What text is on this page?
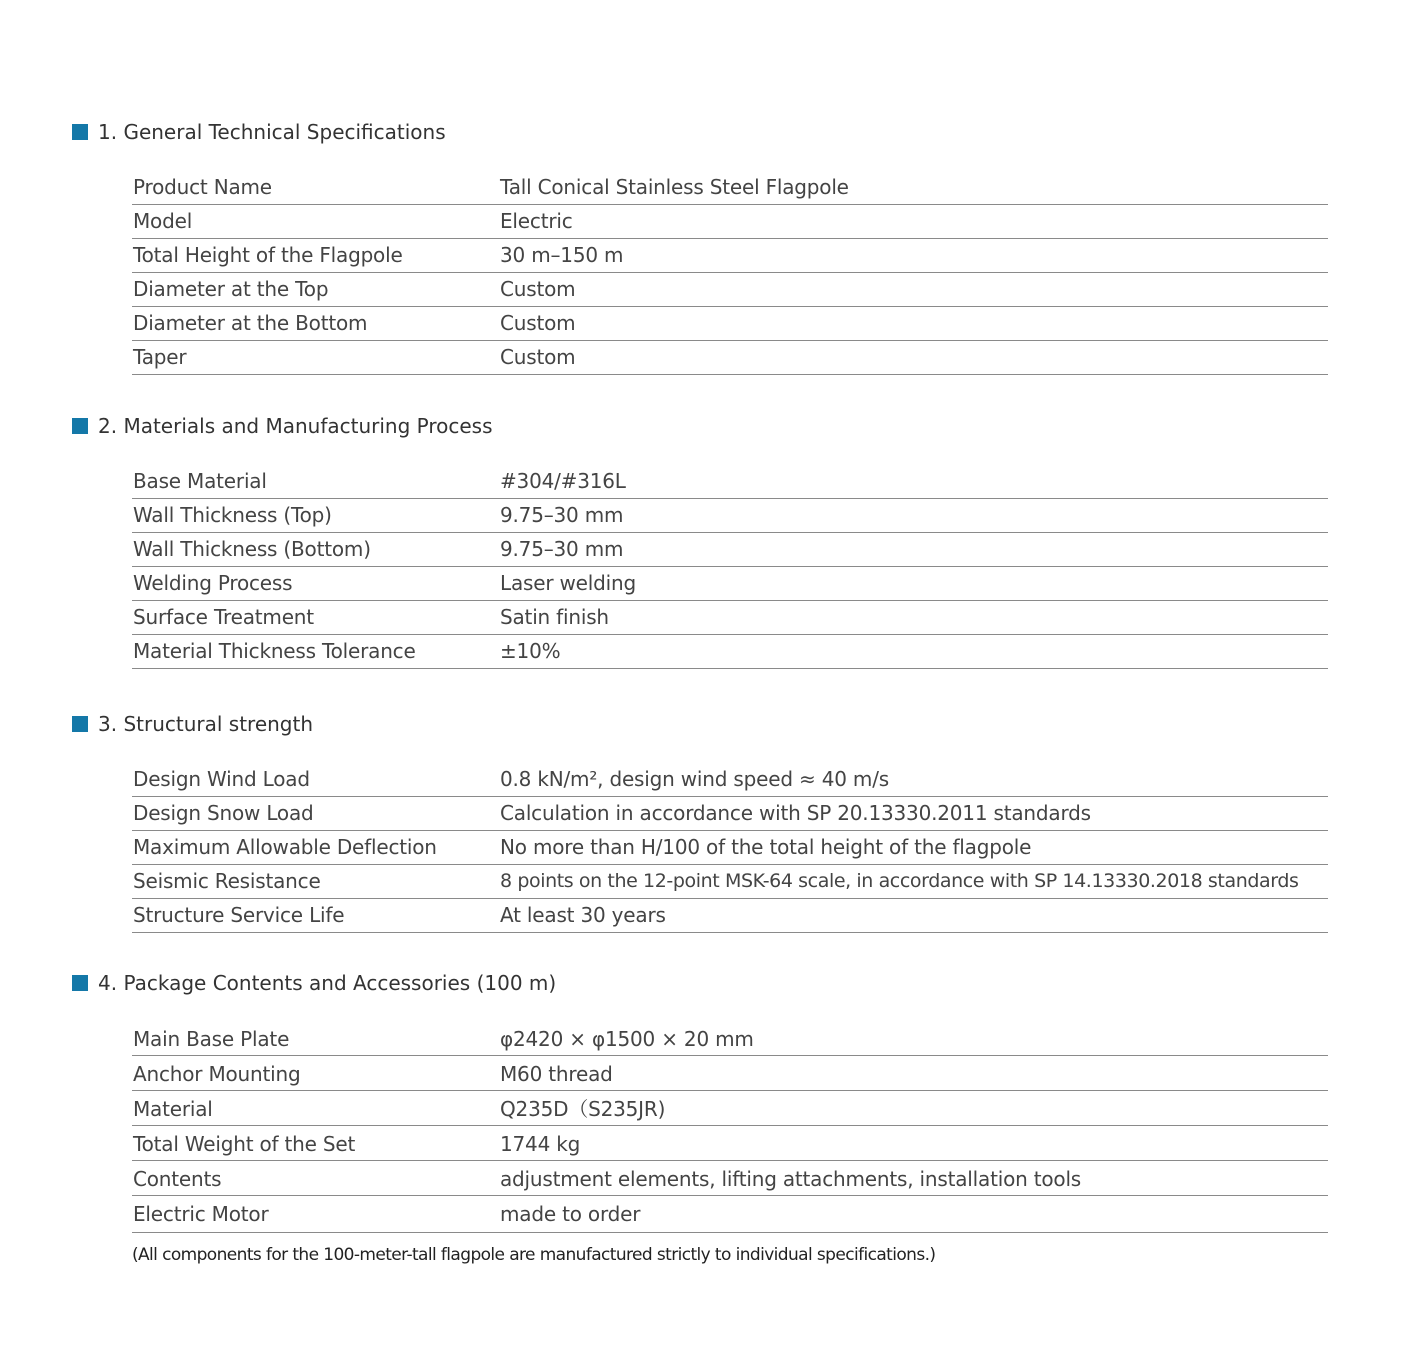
1. General Technical Specifications
Product Name	Tall Conical Stainless Steel Flagpole
Model	Electric
Total Height of the Flagpole	30 m–150 m
Diameter at the Top	Custom
Diameter at the Bottom	Custom
Taper	Custom
2. Materials and Manufacturing Process
Base Material	#304/#316L
Wall Thickness (Top)	9.75–30 mm
Wall Thickness (Bottom)	9.75–30 mm
Welding Process	Laser welding
Surface Treatment	Satin finish
Material Thickness Tolerance	±10%
3. Structural strength
Design Wind Load	0.8 kN/m², design wind speed ≈ 40 m/s
Design Snow Load	Calculation in accordance with SP 20.13330.2011 standards
Maximum Allowable Deflection	No more than H/100 of the total height of the flagpole
Seismic Resistance	8 points on the 12-point MSK-64 scale, in accordance with SP 14.13330.2018 standards
Structure Service Life	At least 30 years
4. Package Contents and Accessories (100 m)
Main Base Plate	φ2420 × φ1500 × 20 mm
Anchor Mounting	M60 thread
Material	Q235D（S235JR)
Total Weight of the Set	1744 kg
Contents	adjustment elements, lifting attachments, installation tools
Electric Motor	made to order
(All components for the 100-meter-tall flagpole are manufactured strictly to individual specifications.)
